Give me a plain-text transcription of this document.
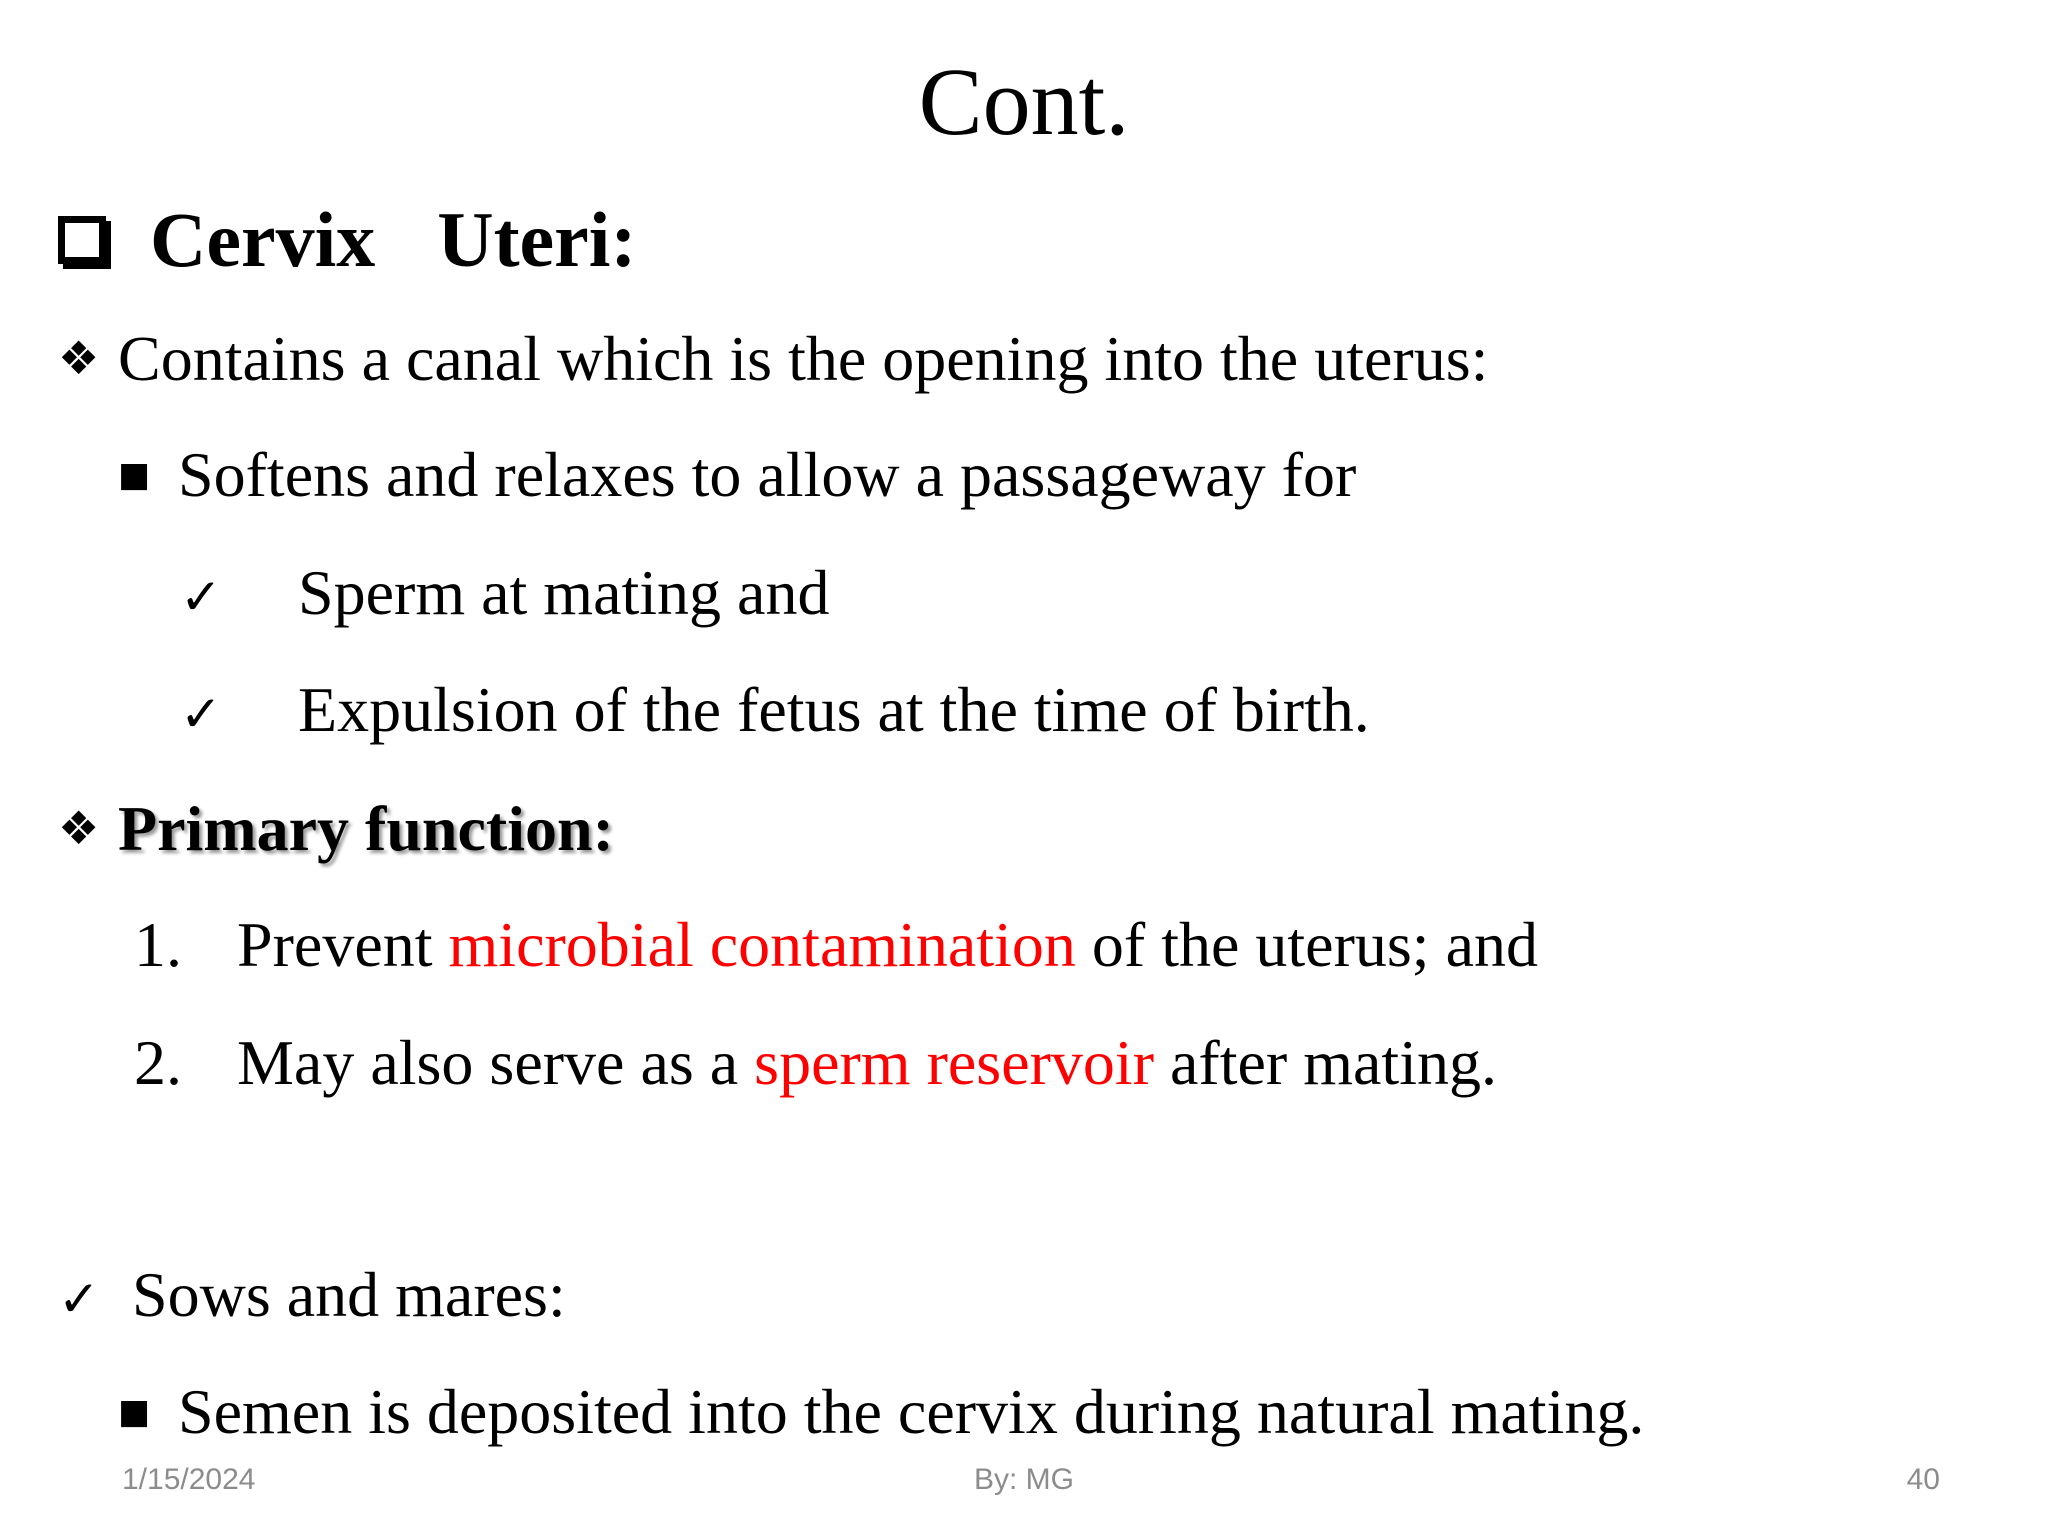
Cont.
Cervix Uteri:
❖ Contains a canal which is the opening into the uterus:
■ Softens and relaxes to allow a passageway for
✓ Sperm at mating and
✓ Expulsion of the fetus at the time of birth.
❖ Primary function:
1. Prevent microbial contamination of the uterus; and
2. May also serve as a sperm reservoir after mating.
✓ Sows and mares:
■ Semen is deposited into the cervix during natural mating.
1/15/2024	By: MG	40
